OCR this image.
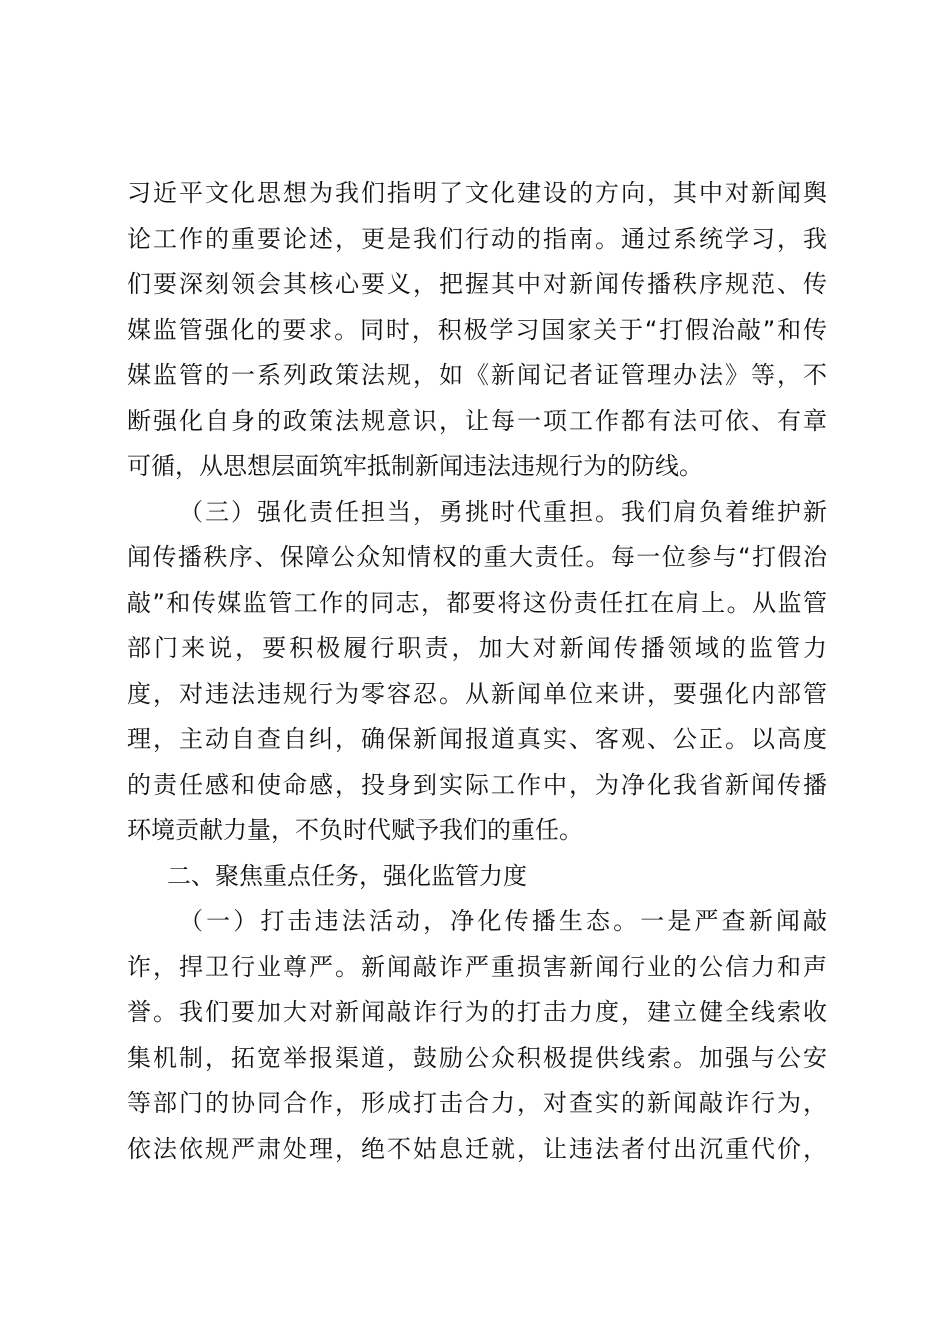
习近平文化思想为我们指明了文化建设的方向，其中对新闻舆
论工作的重要论述，更是我们行动的指南。通过系统学习，我
们要深刻领会其核心要义，把握其中对新闻传播秩序规范、传
媒监管强化的要求。同时，积极学习国家关于“打假治敲”和传
媒监管的一系列政策法规，如《新闻记者证管理办法》等，不
断强化自身的政策法规意识，让每一项工作都有法可依、有章
可循，从思想层面筑牢抵制新闻违法违规行为的防线。
（三）强化责任担当，勇挑时代重担。我们肩负着维护新
闻传播秩序、保障公众知情权的重大责任。每一位参与“打假治
敲”和传媒监管工作的同志，都要将这份责任扛在肩上。从监管
部门来说，要积极履行职责，加大对新闻传播领域的监管力
度，对违法违规行为零容忍。从新闻单位来讲，要强化内部管
理，主动自查自纠，确保新闻报道真实、客观、公正。以高度
的责任感和使命感，投身到实际工作中，为净化我省新闻传播
环境贡献力量，不负时代赋予我们的重任。
二、聚焦重点任务，强化监管力度
（一）打击违法活动，净化传播生态。一是严查新闻敲
诈，捍卫行业尊严。新闻敲诈严重损害新闻行业的公信力和声
誉。我们要加大对新闻敲诈行为的打击力度，建立健全线索收
集机制，拓宽举报渠道，鼓励公众积极提供线索。加强与公安
等部门的协同合作，形成打击合力，对查实的新闻敲诈行为，
依法依规严肃处理，绝不姑息迁就，让违法者付出沉重代价，
